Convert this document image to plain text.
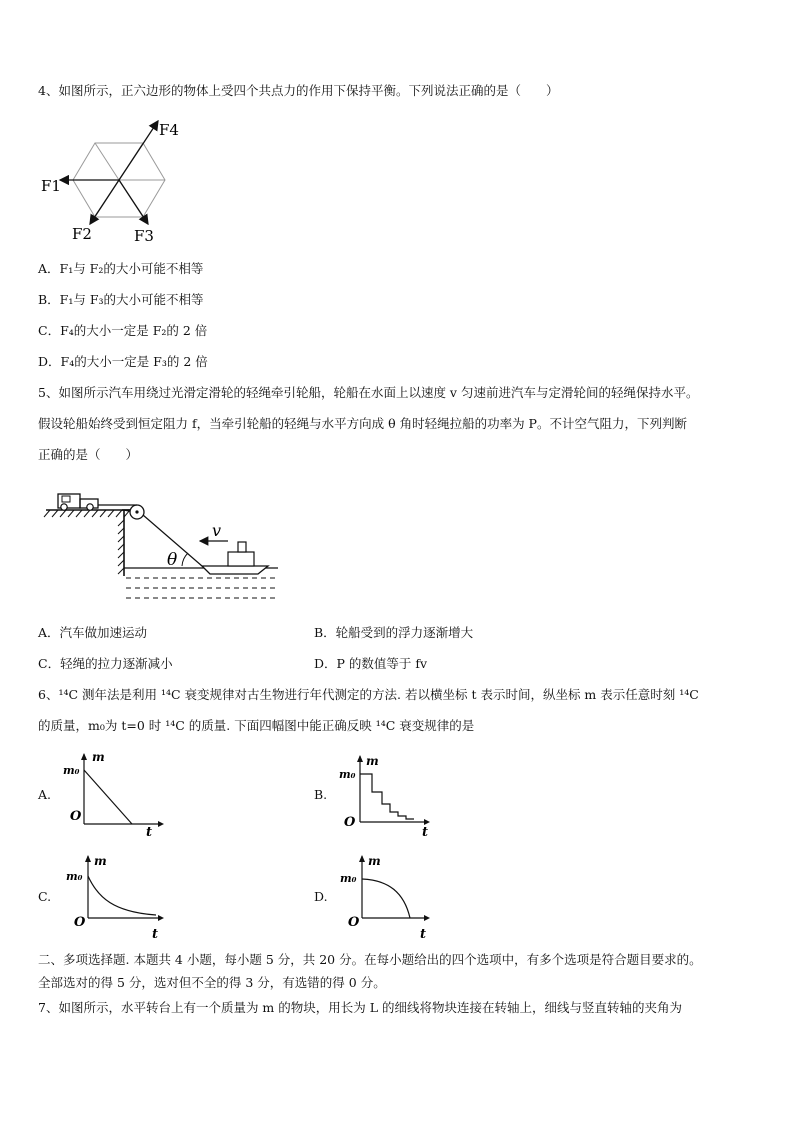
4、如图所示，正六边形的物体上受四个共点力的作用下保持平衡。下列说法正确的是（　　）
F1
F2	F3
F4
A．F₁与 F₂的大小可能不相等
B．F₁与 F₃的大小可能不相等
C．F₄的大小一定是 F₂的 2 倍
D．F₄的大小一定是 F₃的 2 倍
5、如图所示汽车用绕过光滑定滑轮的轻绳牵引轮船，轮船在水面上以速度 v 匀速前进汽车与定滑轮间的轻绳保持水平。
假设轮船始终受到恒定阻力 f，当牵引轮船的轻绳与水平方向成 θ 角时轻绳拉船的功率为 P。不计空气阻力，下列判断
正确的是（　　）
θ
v
A．汽车做加速运动	B．轮船受到的浮力逐渐增大
C．轻绳的拉力逐渐减小	D．P 的数值等于 fv
6、¹⁴C 测年法是利用 ¹⁴C 衰变规律对古生物进行年代测定的方法. 若以横坐标 t 表示时间，纵坐标 m 表示任意时刻 ¹⁴C
的质量，m₀为 t=0 时 ¹⁴C 的质量. 下面四幅图中能正确反映 ¹⁴C 衰变规律的是
A.
m
m₀
O
t
B.
m
m₀
O
t
C.
m
m₀
O
t
D.
m
m₀
O
t
二、多项选择题. 本题共 4 小题，每小题 5 分，共 20 分。在每小题给出的四个选项中，有多个选项是符合题目要求的。
全部选对的得 5 分，选对但不全的得 3 分，有选错的得 0 分。
7、如图所示，水平转台上有一个质量为 m 的物块，用长为 L 的细线将物块连接在转轴上，细线与竖直转轴的夹角为
